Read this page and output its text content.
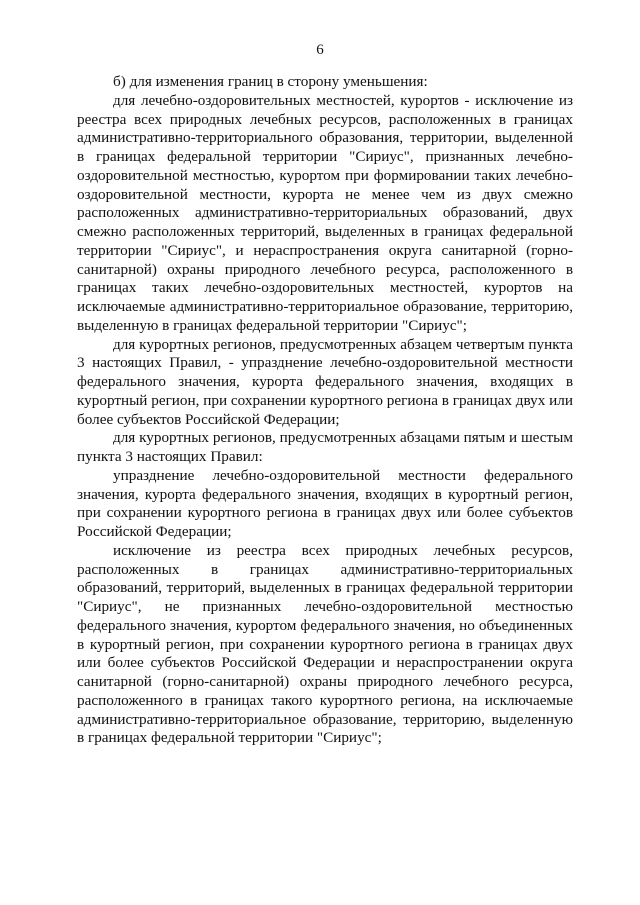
6

б) для изменения границ в сторону уменьшения:

для лечебно-оздоровительных местностей, курортов - исключение из реестра всех природных лечебных ресурсов, расположенных в границах административно-территориального образования, территории, выделенной в границах федеральной территории "Сириус", признанных лечебно-оздоровительной местностью, курортом при формировании таких лечебно-оздоровительной местности, курорта не менее чем из двух смежно расположенных административно-территориальных образований, двух смежно расположенных территорий, выделенных в границах федеральной территории "Сириус", и нераспространения округа санитарной (горно-санитарной) охраны природного лечебного ресурса, расположенного в границах таких лечебно-оздоровительных местностей, курортов на исключаемые административно-территориальное образование, территорию, выделенную в границах федеральной территории "Сириус";

для курортных регионов, предусмотренных абзацем четвертым пункта 3 настоящих Правил, - упразднение лечебно-оздоровительной местности федерального значения, курорта федерального значения, входящих в курортный регион, при сохранении курортного региона в границах двух или более субъектов Российской Федерации;

для курортных регионов, предусмотренных абзацами пятым и шестым пункта 3 настоящих Правил:

упразднение лечебно-оздоровительной местности федерального значения, курорта федерального значения, входящих в курортный регион, при сохранении курортного региона в границах двух или более субъектов Российской Федерации;

исключение из реестра всех природных лечебных ресурсов, расположенных в границах административно-территориальных образований, территорий, выделенных в границах федеральной территории "Сириус", не признанных лечебно-оздоровительной местностью федерального значения, курортом федерального значения, но объединенных в курортный регион, при сохранении курортного региона в границах двух или более субъектов Российской Федерации и нераспространении округа санитарной (горно-санитарной) охраны природного лечебного ресурса, расположенного в границах такого курортного региона, на исключаемые административно-территориальное образование, территорию, выделенную в границах федеральной территории "Сириус";
